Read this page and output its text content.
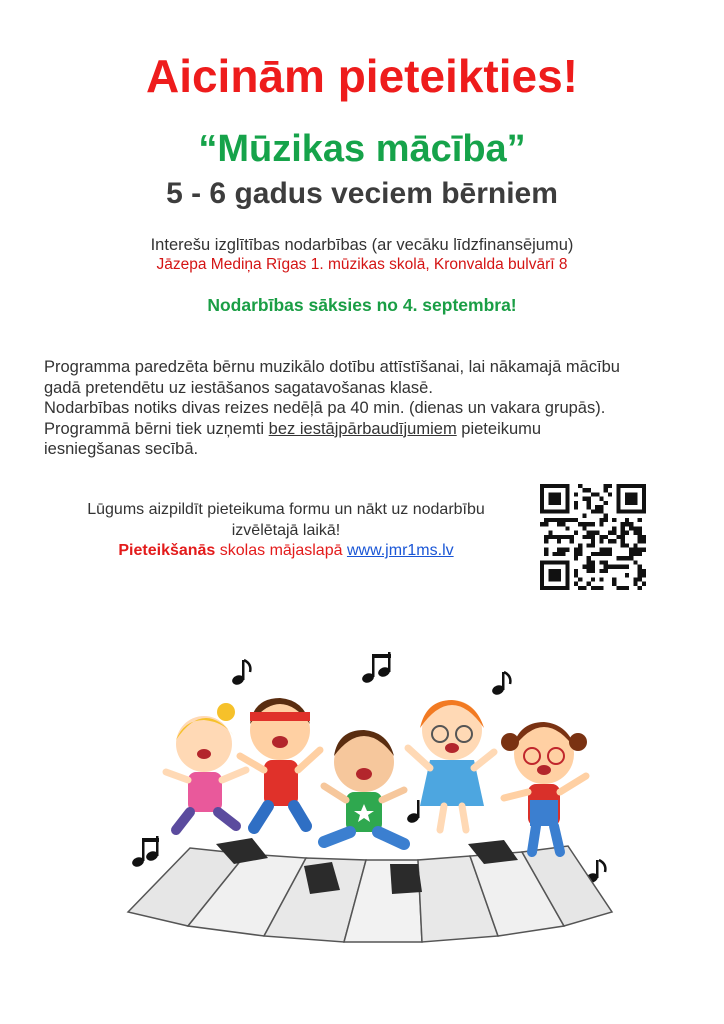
Aicinām pieteikties!
“Mūzikas mācība”
5 - 6 gadus veciem bērniem
Interešu izglītības nodarbības (ar vecāku līdzfinansējumu)
Jāzepa Mediņa Rīgas 1. mūzikas skolā, Kronvalda bulvārī 8
Nodarbības sāksies no 4. septembra!
Programma paredzēta bērnu muzikālo dotību attīstīšanai, lai nākamajā mācību
gadā pretendētu uz iestāšanos sagatavošanas klasē.
Nodarbības notiks divas reizes nedēļā pa 40 min. (dienas un vakara grupās).
Programmā bērni tiek uzņemti bez iestājpārbaudījumiem pieteikumu
iesniegšanas secībā.
Lūgums aizpildīt pieteikuma formu un nākt uz nodarbību
izvēlētajā laikā!
Pieteikšanās skolas mājaslapā www.jmr1ms.lv
